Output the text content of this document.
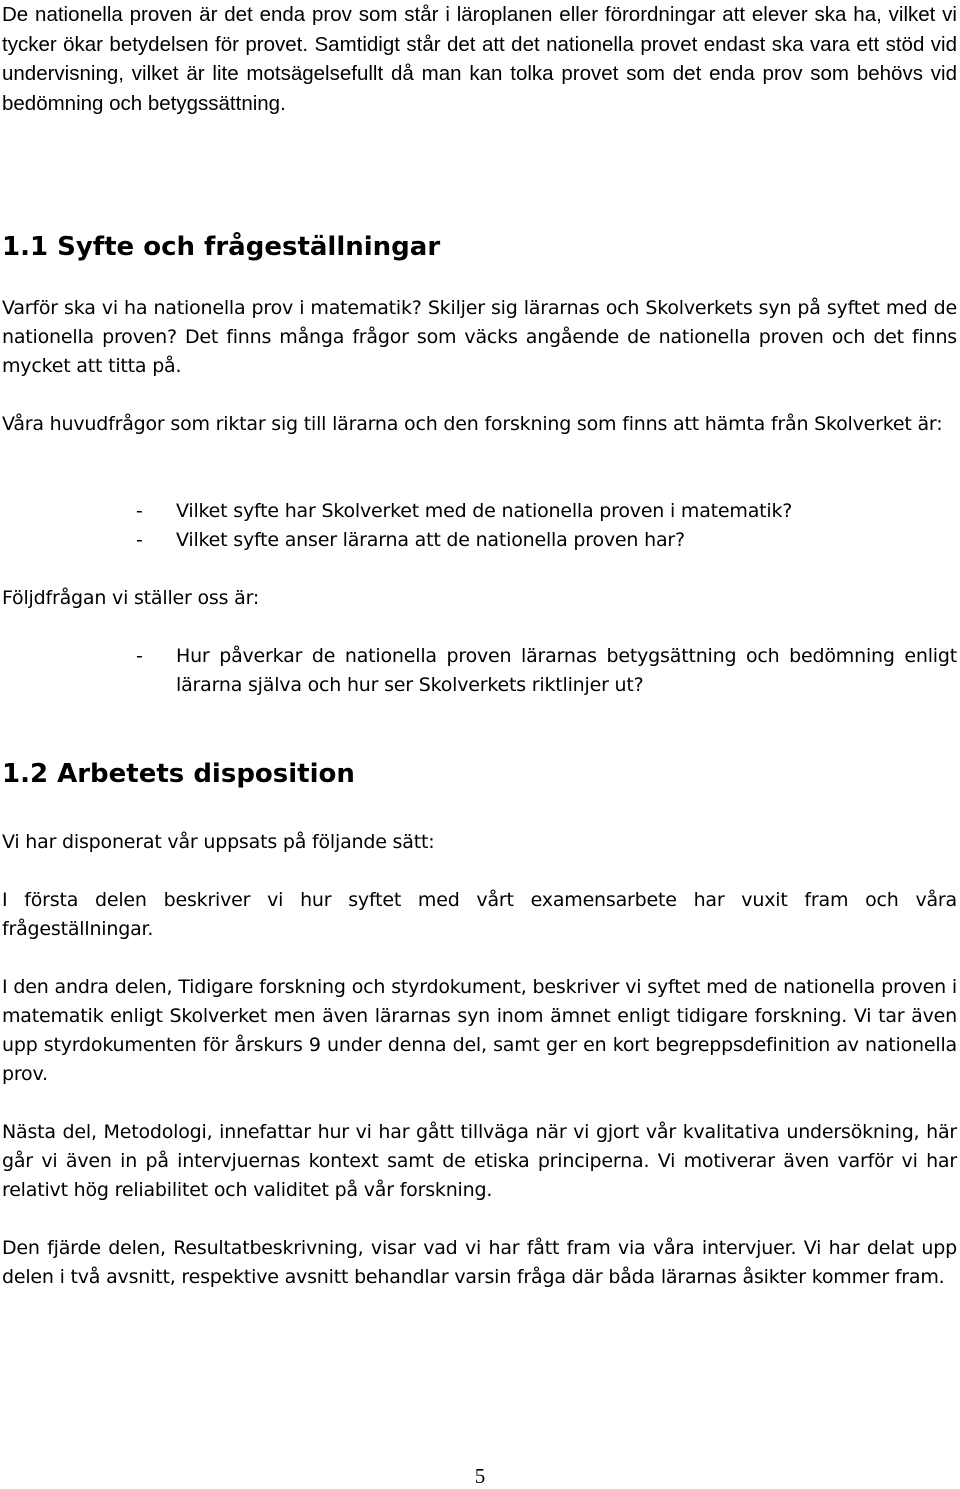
De nationella proven är det enda prov som står i läroplanen eller förordningar att elever ska ha, vilket vi tycker ökar betydelsen för provet. Samtidigt står det att det nationella provet endast ska vara ett stöd vid undervisning, vilket är lite motsägelsefullt då man kan tolka provet som det enda prov som behövs vid bedömning och betygssättning.

1.1 Syfte och frågeställningar

Varför ska vi ha nationella prov i matematik? Skiljer sig lärarnas och Skolverkets syn på syftet med de nationella proven? Det finns många frågor som väcks angående de nationella proven och det finns mycket att titta på.

Våra huvudfrågor som riktar sig till lärarna och den forskning som finns att hämta från Skolverket är:

- Vilket syfte har Skolverket med de nationella proven i matematik?
- Vilket syfte anser lärarna att de nationella proven har?

Följdfrågan vi ställer oss är:

- Hur påverkar de nationella proven lärarnas betygsättning och bedömning enligt lärarna själva och hur ser Skolverkets riktlinjer ut?
1.2 Arbetets disposition

Vi har disponerat vår uppsats på följande sätt:

I första delen beskriver vi hur syftet med vårt examensarbete har vuxit fram och våra frågeställningar.

I den andra delen, Tidigare forskning och styrdokument, beskriver vi syftet med de nationella proven i matematik enligt Skolverket men även lärarnas syn inom ämnet enligt tidigare forskning. Vi tar även upp styrdokumenten för årskurs 9 under denna del, samt ger en kort begreppsdefinition av nationella prov.

Nästa del, Metodologi, innefattar hur vi har gått tillväga när vi gjort vår kvalitativa undersökning, här går vi även in på intervjuernas kontext samt de etiska principerna. Vi motiverar även varför vi har relativt hög reliabilitet och validitet på vår forskning.

Den fjärde delen, Resultatbeskrivning, visar vad vi har fått fram via våra intervjuer. Vi har delat upp delen i två avsnitt, respektive avsnitt behandlar varsin fråga där båda lärarnas åsikter kommer fram.

5
